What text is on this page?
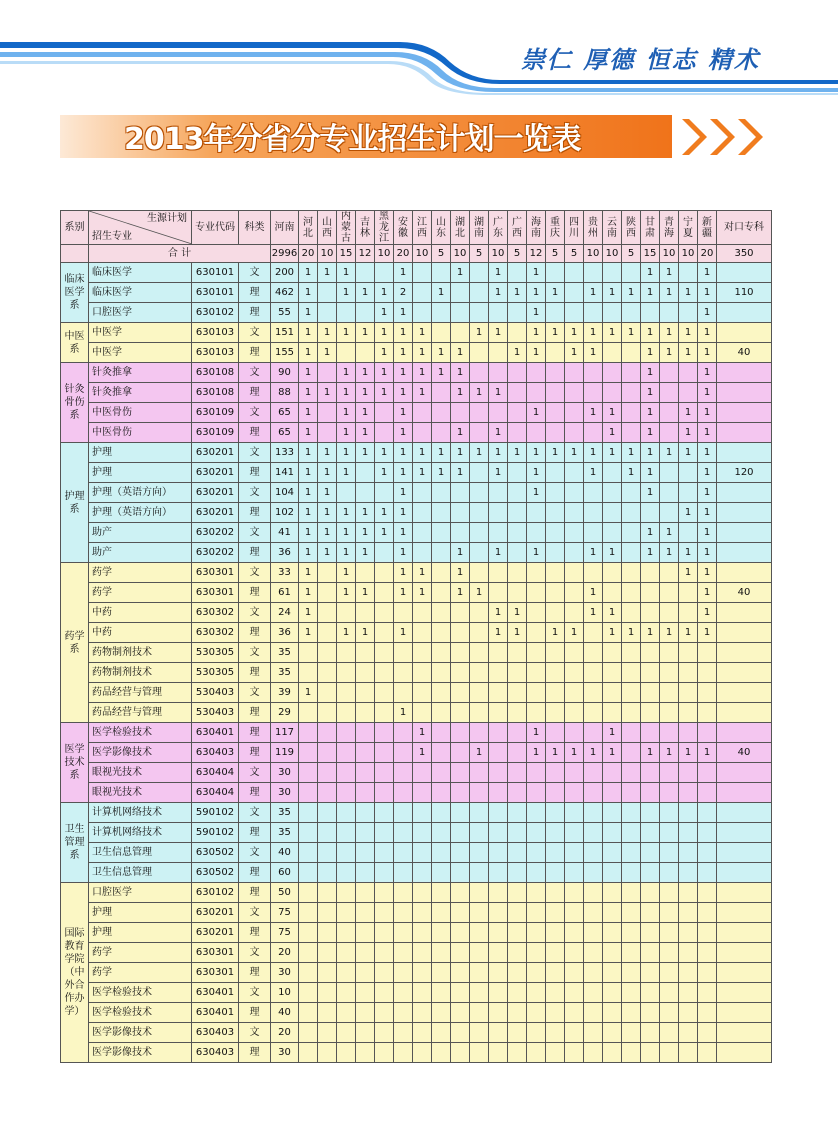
崇仁 厚德 恒志 精术
2013年分省分专业招生计划一览表
系别	生源计划
招生专业	专业代码	科类	河南	河北	山西	内蒙古	吉林	黑龙江	安徽	江西	山东	湖北	湖南	广东	广西	海南	重庆	四川	贵州	云南	陕西	甘肃	青海	宁夏	新疆	对口专科
	合 计			2996	20	10	15	12	10	20	10	5	10	5	10	5	12	5	5	10	10	5	15	10	10	20	350
临床医学系	临床医学	630101	文	200	1	1	1			1			1		1		1						1	1		1	
	临床医学	630101	理	462	1		1	1	1	2		1			1	1	1	1		1	1	1	1	1	1	1	110
	口腔医学	630102	理	55	1				1	1							1									1	
中医系	中医学	630103	文	151	1	1	1	1	1	1	1			1	1		1	1	1	1	1	1	1	1	1	1	
	中医学	630103	理	155	1	1			1	1	1	1	1			1	1		1	1			1	1	1	1	40
针灸骨伤系	针灸推拿	630108	文	90	1		1	1	1	1	1	1	1										1			1	
	针灸推拿	630108	理	88	1	1	1	1	1	1	1		1	1	1								1			1	
	中医骨伤	630109	文	65	1		1	1		1							1			1	1		1		1	1	
	中医骨伤	630109	理	65	1		1	1		1			1		1						1		1		1	1	
护理系	护理	630201	文	133	1	1	1	1	1	1	1	1	1	1	1	1	1	1	1	1	1	1	1	1	1	1	
	护理	630201	理	141	1	1	1		1	1	1	1	1		1		1			1		1	1			1	120
	护理（英语方向）	630201	文	104	1	1				1							1						1			1	
	护理（英语方向）	630201	理	102	1	1	1	1	1	1															1	1	
	助产	630202	文	41	1	1	1	1	1	1													1	1		1	
	助产	630202	理	36	1	1	1	1		1			1		1		1			1	1		1	1	1	1	
药学系	药学	630301	文	33	1		1			1	1		1												1	1	
	药学	630301	理	61	1		1	1		1	1		1	1						1						1	40
	中药	630302	文	24	1										1	1				1	1					1	
	中药	630302	理	36	1		1	1		1					1	1		1	1		1	1	1	1	1	1	
	药物制剂技术	530305	文	35																							
	药物制剂技术	530305	理	35																							
	药品经营与管理	530403	文	39	1																						
	药品经营与管理	530403	理	29						1																	
医学技术系	医学检验技术	630401	理	117							1						1				1						
	医学影像技术	630403	理	119							1			1			1	1	1	1	1		1	1	1	1	40
	眼视光技术	630404	文	30																							
	眼视光技术	630404	理	30																							
卫生管理系	计算机网络技术	590102	文	35																							
	计算机网络技术	590102	理	35																							
	卫生信息管理	630502	文	40																							
	卫生信息管理	630502	理	60																							
国际教育学院（中外合作办学）	口腔医学	630102	理	50																							
	护理	630201	文	75																							
	护理	630201	理	75																							
	药学	630301	文	20																							
	药学	630301	理	30																							
	医学检验技术	630401	文	10																							
	医学检验技术	630401	理	40																							
	医学影像技术	630403	文	20																							
	医学影像技术	630403	理	30																							
